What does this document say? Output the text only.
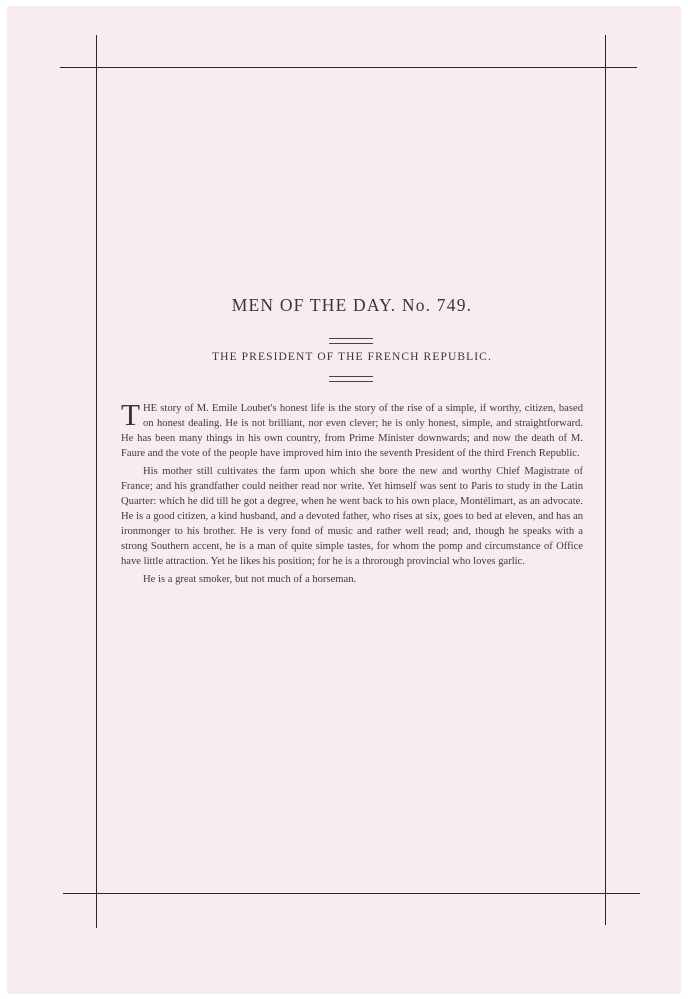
MEN OF THE DAY. No. 749.
THE PRESIDENT OF THE FRENCH REPUBLIC.

THE story of M. Emile Loubet's honest life is the story of the rise of a simple, if worthy, citizen, based on honest dealing. He is not brilliant, nor even clever; he is only honest, simple, and straightforward. He has been many things in his own country, from Prime Minister downwards; and now the death of M. Faure and the vote of the people have improved him into the seventh President of the third French Republic.

His mother still cultivates the farm upon which she bore the new and worthy Chief Magistrate of France; and his grandfather could neither read nor write. Yet himself was sent to Paris to study in the Latin Quarter: which he did till he got a degree, when he went back to his own place, Montélimart, as an advocate. He is a good citizen, a kind husband, and a devoted father, who rises at six, goes to bed at eleven, and has an ironmonger to his brother. He is very fond of music and rather well read; and, though he speaks with a strong Southern accent, he is a man of quite simple tastes, for whom the pomp and circumstance of Office have little attraction. Yet he likes his position; for he is a throrough provincial who loves garlic.

He is a great smoker, but not much of a horseman.
